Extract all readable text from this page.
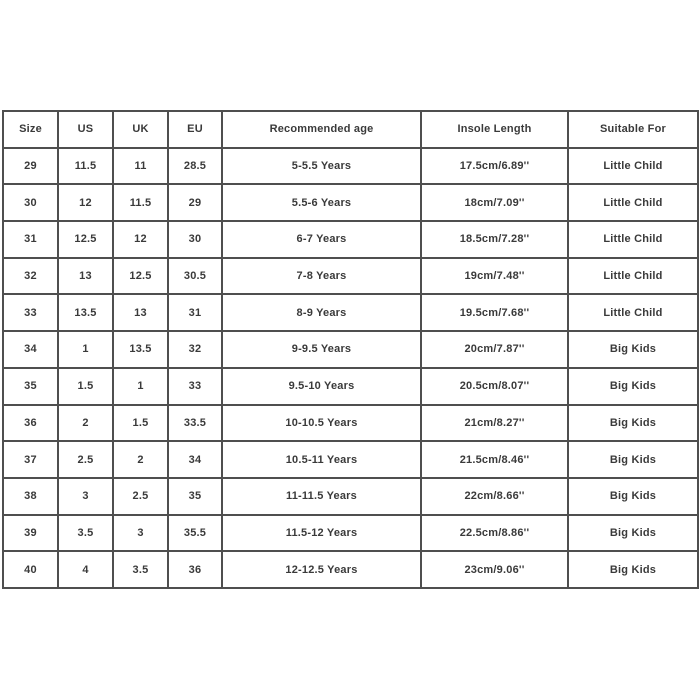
Size	US	UK	EU	Recommended age	Insole Length	Suitable For
29	11.5	11	28.5	5-5.5 Years	17.5cm/6.89''	Little Child
30	12	11.5	29	5.5-6 Years	18cm/7.09''	Little Child
31	12.5	12	30	6-7 Years	18.5cm/7.28''	Little Child
32	13	12.5	30.5	7-8 Years	19cm/7.48''	Little Child
33	13.5	13	31	8-9 Years	19.5cm/7.68''	Little Child
34	1	13.5	32	9-9.5 Years	20cm/7.87''	Big Kids
35	1.5	1	33	9.5-10 Years	20.5cm/8.07''	Big Kids
36	2	1.5	33.5	10-10.5 Years	21cm/8.27''	Big Kids
37	2.5	2	34	10.5-11 Years	21.5cm/8.46''	Big Kids
38	3	2.5	35	11-11.5 Years	22cm/8.66''	Big Kids
39	3.5	3	35.5	11.5-12 Years	22.5cm/8.86''	Big Kids
40	4	3.5	36	12-12.5 Years	23cm/9.06''	Big Kids
